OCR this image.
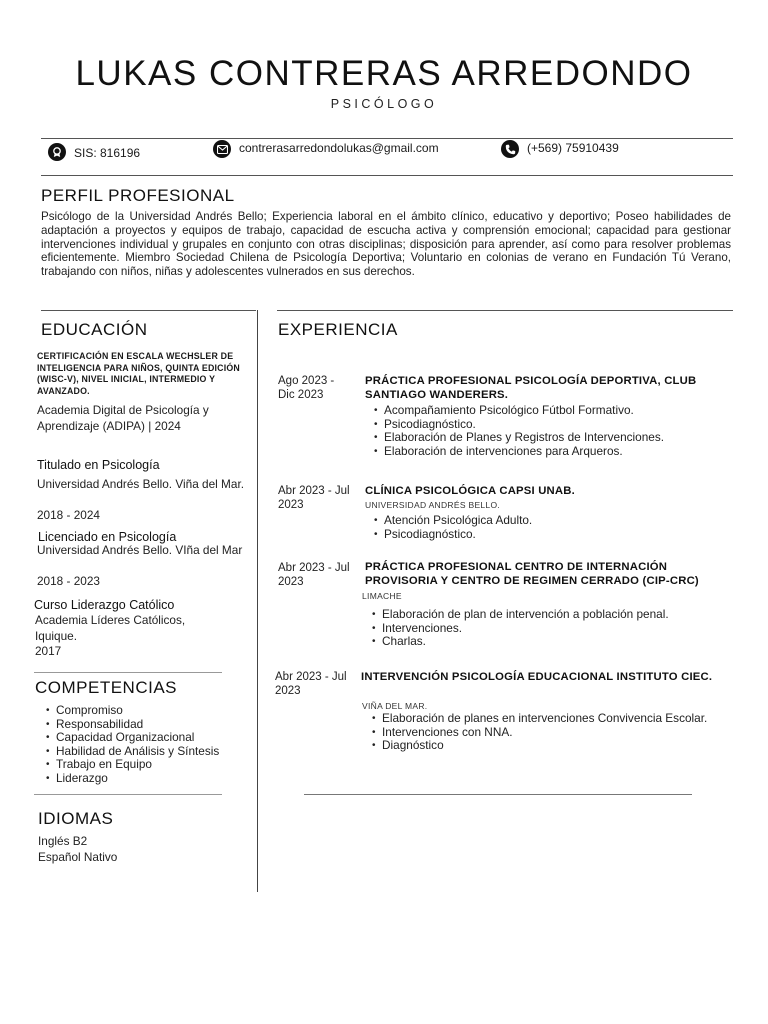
LUKAS CONTRERAS ARREDONDO
PSICÓLOGO
SIS: 816196	contrerasarredondolukas@gmail.com	(+569) 75910439
PERFIL PROFESIONAL
Psicólogo de la Universidad Andrés Bello; Experiencia laboral en el ámbito clínico, educativo y deportivo; Poseo habilidades de adaptación a proyectos y equipos de trabajo, capacidad de escucha activa y comprensión emocional; capacidad para gestionar intervenciones individual y grupales en conjunto con otras disciplinas; disposición para aprender, así como para resolver problemas eficientemente. Miembro Sociedad Chilena de Psicología Deportiva; Voluntario en colonias de verano en Fundación Tú Verano, trabajando con niños, niñas y adolescentes vulnerados en sus derechos.
EDUCACIÓN
CERTIFICACIÓN EN ESCALA WECHSLER DE INTELIGENCIA PARA NIÑOS, QUINTA EDICIÓN (WISC-V), NIVEL INICIAL, INTERMEDIO Y AVANZADO.
Academia Digital de Psicología y Aprendizaje (ADIPA) | 2024
Titulado en Psicología
Universidad Andrés Bello. Viña del Mar.
2018 - 2024
Licenciado en Psicología
Universidad Andrés Bello. VIña del Mar
2018 - 2023
Curso Liderazgo Católico
Academia Líderes Católicos, Iquique.
2017
COMPETENCIAS
• Compromiso
• Responsabilidad
• Capacidad Organizacional
• Habilidad de Análisis y Síntesis
• Trabajo en Equipo
• Liderazgo
IDIOMAS
Inglés B2
Español Nativo
EXPERIENCIA
Ago 2023 - Dic 2023
PRÁCTICA PROFESIONAL PSICOLOGÍA DEPORTIVA, CLUB SANTIAGO WANDERERS.
• Acompañamiento Psicológico Fútbol Formativo.
• Psicodiagnóstico.
• Elaboración de Planes y Registros de Intervenciones.
• Elaboración de intervenciones para Arqueros.
Abr 2023 - Jul 2023
CLÍNICA PSICOLÓGICA CAPSI UNAB.
UNIVERSIDAD ANDRÉS BELLO.
• Atención Psicológica Adulto.
• Psicodiagnóstico.
Abr 2023 - Jul 2023
PRÁCTICA PROFESIONAL CENTRO DE INTERNACIÓN PROVISORIA Y CENTRO DE REGIMEN CERRADO (CIP-CRC)
LIMACHE
• Elaboración de plan de intervención a población penal.
• Intervenciones.
• Charlas.
Abr 2023 - Jul 2023
INTERVENCIÓN PSICOLOGÍA EDUCACIONAL INSTITUTO CIEC.
VIÑA DEL MAR.
• Elaboración de planes en intervenciones Convivencia Escolar.
• Intervenciones con NNA.
• Diagnóstico
